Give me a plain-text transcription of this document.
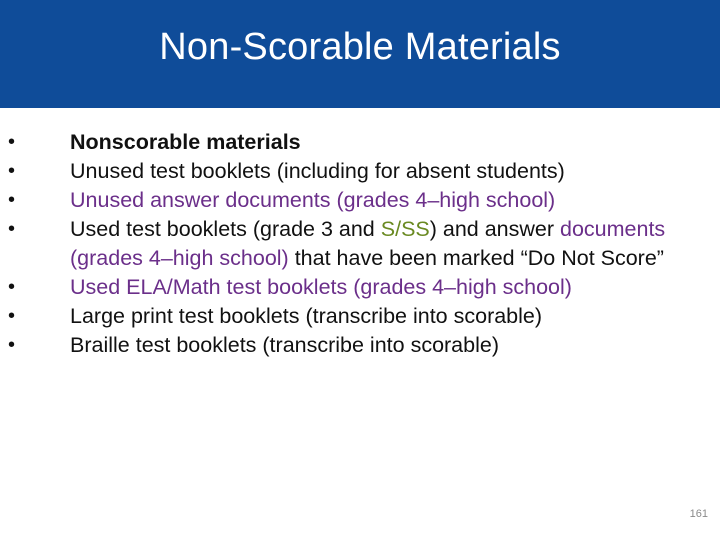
Non-Scorable Materials
•	Nonscorable materials
•	Unused test booklets (including for absent students)
•	Unused answer documents (grades 4–high school)
•	Used test booklets (grade 3 and S/SS) and answer documents (grades 4–high school) that have been marked “Do Not Score”
•	Used ELA/Math test booklets (grades 4–high school)
•	Large print test booklets (transcribe into scorable)
•	Braille test booklets (transcribe into scorable)
161
